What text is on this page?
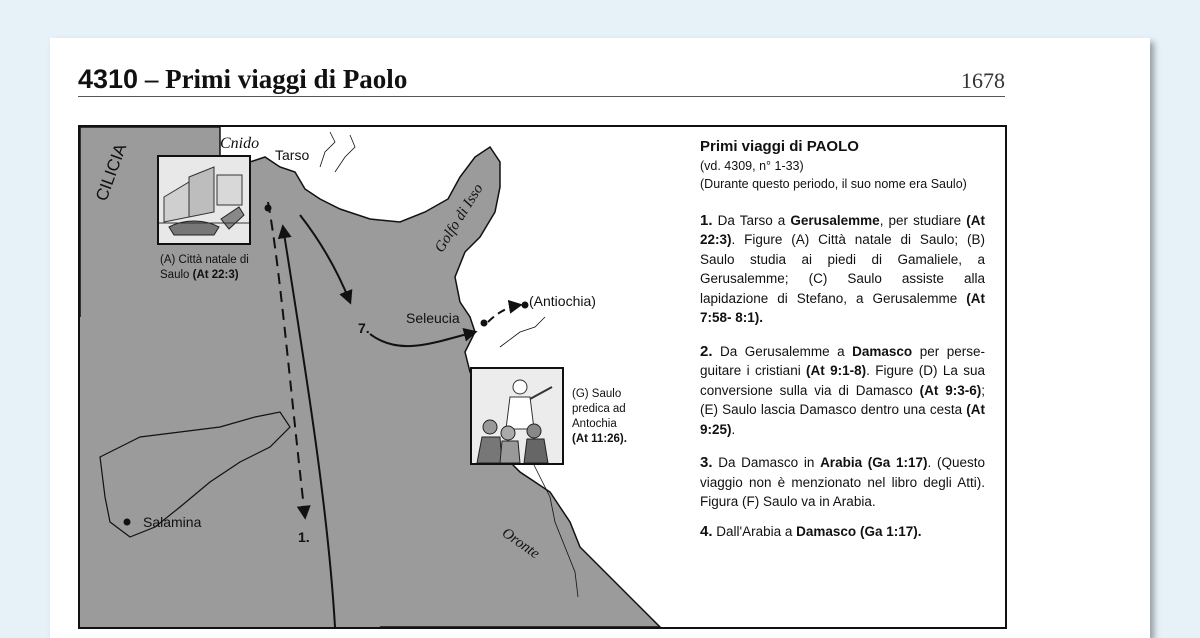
4310 – Primi viaggi di Paolo	1678
CILICIA	Cnido
Tarso
Golfo di Isso
Seleucia
(Antiochia)
Oronte
Salamina
1.
7.
(A) Città natale di
Saulo (At 22:3)
(G) Saulo
predica ad
Antochia
(At 11:26).
Primi viaggi di PAOLO
(vd. 4309, n° 1-33)
(Durante questo periodo, il suo nome era Saulo)
1. Da Tarso a Gerusalemme, per studiare (At 22:3). Figure (A) Città natale di Saulo; (B) Saulo studia ai piedi di Gamaliele, a Gerusalemme; (C) Saulo assiste alla lapidazione di Stefano, a Gerusalemme (At 7:58- 8:1).
2. Da Gerusalemme a Damasco per perseguitare i cristiani (At 9:1-8). Figure (D) La sua conversione sulla via di Damasco (At 9:3-6); (E) Saulo lascia Damasco dentro una cesta (At 9:25).
3. Da Damasco in Arabia (Ga 1:17). (Questo viaggio non è menzionato nel libro degli Atti). Figura (F) Saulo va in Arabia.
4. Dall'Arabia a Damasco (Ga 1:17).
